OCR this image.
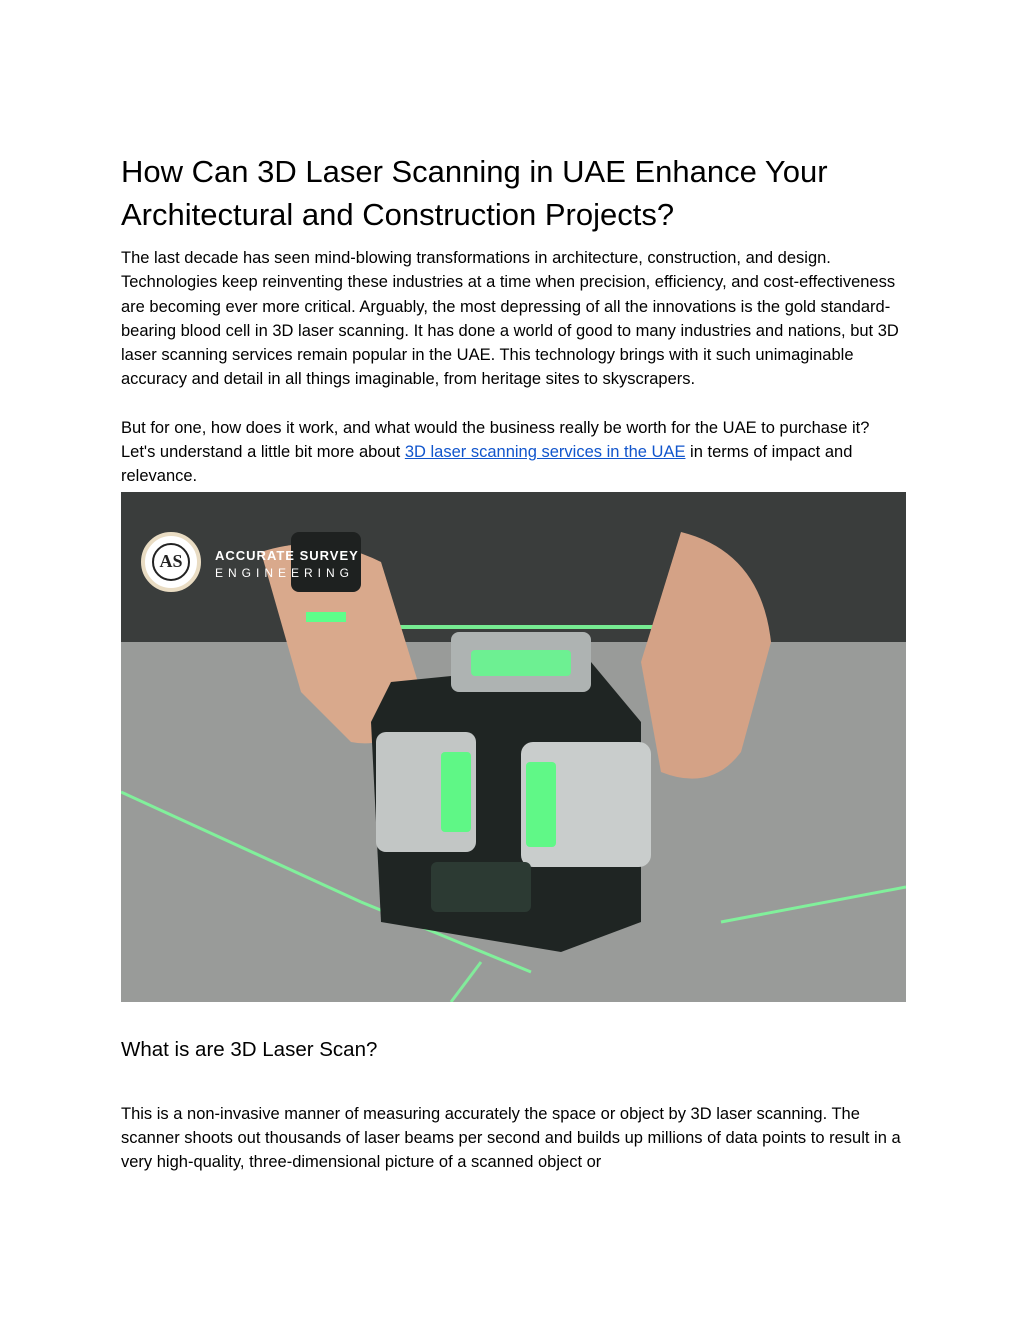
How Can 3D Laser Scanning in UAE Enhance Your Architectural and Construction Projects?

The last decade has seen mind-blowing transformations in architecture, construction, and design. Technologies keep reinventing these industries at a time when precision, efficiency, and cost-effectiveness are becoming ever more critical. Arguably, the most depressing of all the innovations is the gold standard-bearing blood cell in 3D laser scanning. It has done a world of good to many industries and nations, but 3D laser scanning services remain popular in the UAE. This technology brings with it such unimaginable accuracy and detail in all things imaginable, from heritage sites to skyscrapers.

But for one, how does it work, and what would the business really be worth for the UAE to purchase it? Let's understand a little bit more about 3D laser scanning services in the UAE in terms of impact and relevance.

AS	ACCURATE SURVEY
ENGINEERING
What is are 3D Laser Scan?

This is a non-invasive manner of measuring accurately the space or object by 3D laser scanning. The scanner shoots out thousands of laser beams per second and builds up millions of data points to result in a very high-quality, three-dimensional picture of a scanned object or
